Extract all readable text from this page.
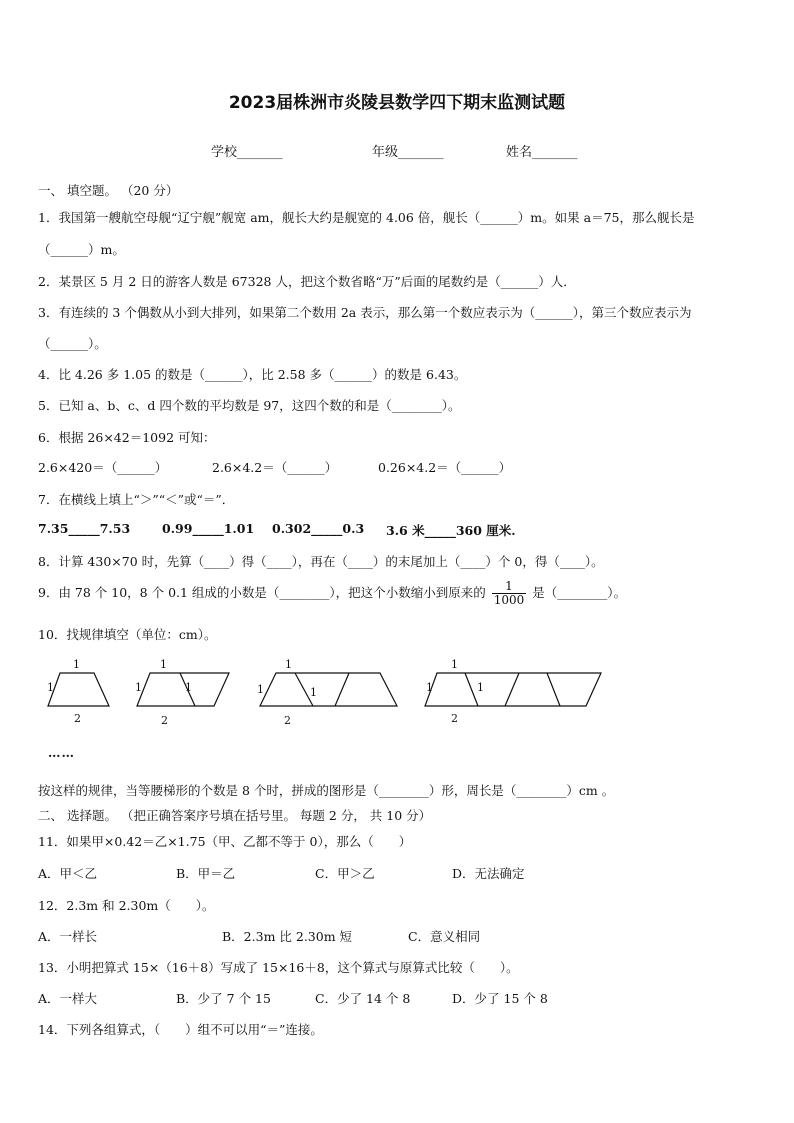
2023届株洲市炎陵县数学四下期末监测试题
学校_______	年级_______	姓名_______
一、 填空题。 （20 分）
1．我国第一艘航空母舰“辽宁舰”舰宽 am，舰长大约是舰宽的 4.06 倍，舰长（______）m。如果 a＝75，那么舰长是
（______）m。
2．某景区 5 月 2 日的游客人数是 67328 人，把这个数省略“万”后面的尾数约是（______）人．
3．有连续的 3 个偶数从小到大排列，如果第二个数用 2a 表示，那么第一个数应表示为（______），第三个数应表示为
（______）。
4．比 4.26 多 1.05 的数是（______），比 2.58 多（______）的数是 6.43。
5．已知 a、b、c、d 四个数的平均数是 97，这四个数的和是（________）。
6．根据 26×42＝1092 可知：
2.6×420＝（______）	2.6×4.2＝（______）	0.26×4.2＝（______）
7．在横线上填上“＞”“＜”或“＝”．
7.35_____7.53	0.99_____1.01 0.302_____0.3 3.6 米_____360 厘米.
8．计算 430×70 时，先算（____）得（____），再在（____）的末尾加上（____）个 0，得（____）。
9．由 78 个 10，8 个 0.1 组成的小数是（________），把这个小数缩小到原来的 $\frac{1}{1000}$ 是（________）。
10．找规律填空（单位：cm）。
1
1
2
1
1	1
2
1
1	1
2
1
1	1
2
……
按这样的规律，当等腰梯形的个数是 8 个时，拼成的图形是（________）形，周长是（________）cm 。
二、 选择题。 （把正确答案序号填在括号里。 每题 2 分， 共 10 分）
11．如果甲×0.42＝乙×1.75（甲、乙都不等于 0），那么（　　）
A．甲＜乙	B．甲＝乙	C．甲＞乙	D．无法确定
12．2.3m 和 2.30m（　　）。
A．一样长	B．2.3m 比 2.30m 短	C．意义相同
13．小明把算式 15×（16＋8）写成了 15×16＋8，这个算式与原算式比较（　　）。
A．一样大	B．少了 7 个 15	C．少了 14 个 8	D．少了 15 个 8
14．下列各组算式，（　　）组不可以用“＝”连接。
